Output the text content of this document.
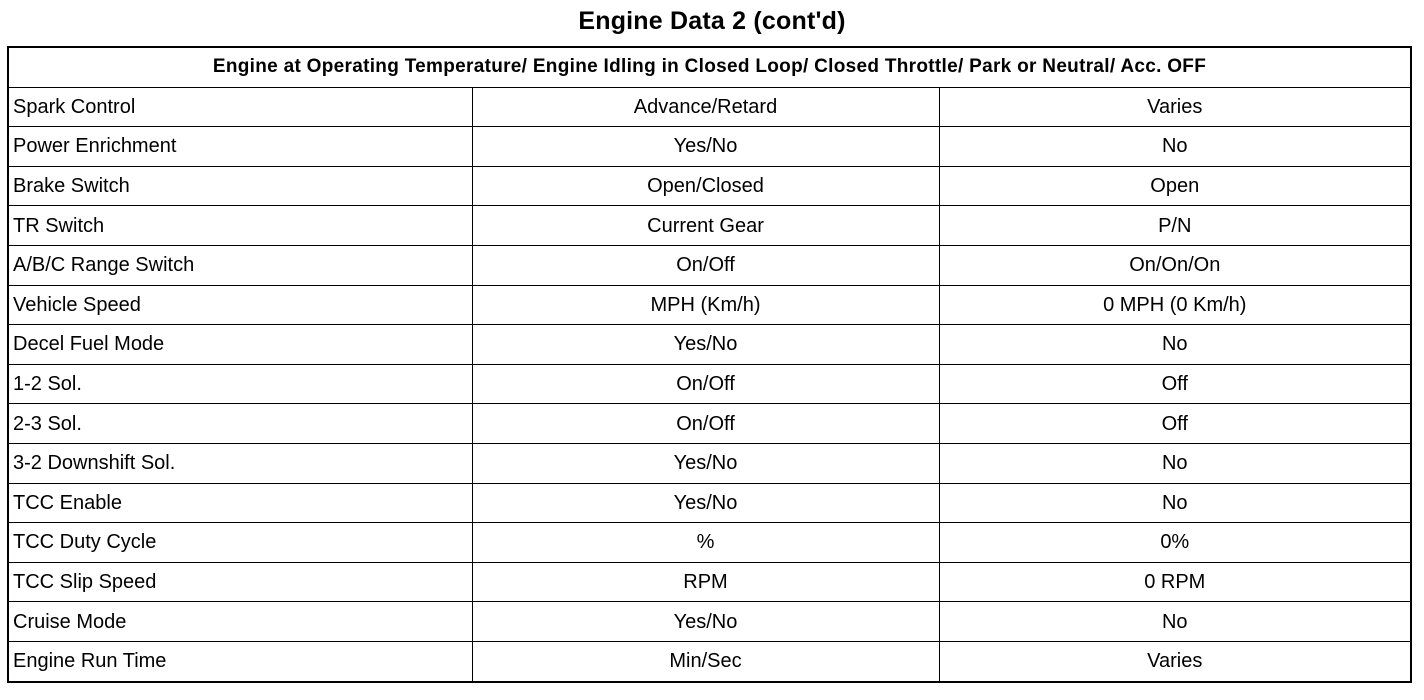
Engine Data 2 (cont'd)
Engine at Operating Temperature/ Engine Idling in Closed Loop/ Closed Throttle/ Park or Neutral/ Acc. OFF		
Spark Control	Advance/Retard	Varies
Power Enrichment	Yes/No	No
Brake Switch	Open/Closed	Open
TR Switch	Current Gear	P/N
A/B/C Range Switch	On/Off	On/On/On
Vehicle Speed	MPH (Km/h)	0 MPH (0 Km/h)
Decel Fuel Mode	Yes/No	No
1-2 Sol.	On/Off	Off
2-3 Sol.	On/Off	Off
3-2 Downshift Sol.	Yes/No	No
TCC Enable	Yes/No	No
TCC Duty Cycle	%	0%
TCC Slip Speed	RPM	0 RPM
Cruise Mode	Yes/No	No
Engine Run Time	Min/Sec	Varies
